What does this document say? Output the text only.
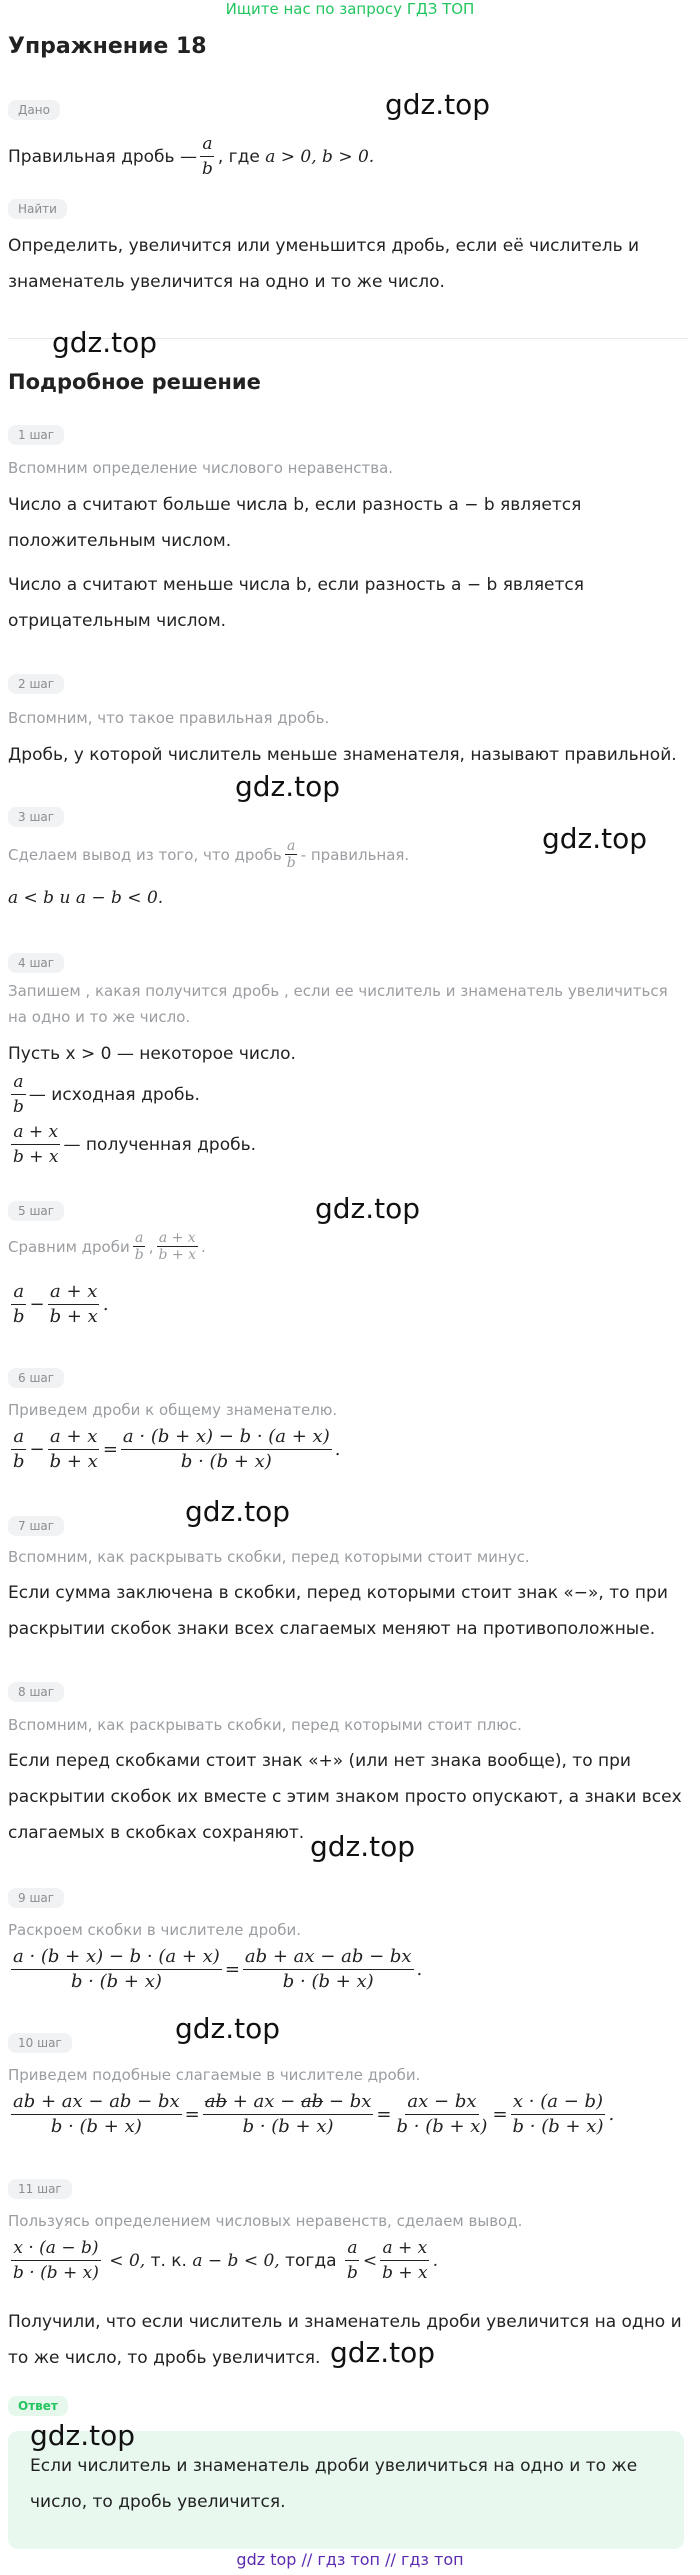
Ищите нас по запросу ГДЗ ТОП
Упражнение 18
Дано
Правильная дробь — $\frac{a}{b}$ , где
a > 0, b > 0.
Найти
Определить, увеличится или уменьшится дробь, если её числитель и знаменатель увеличится на одно и то же число.
Подробное решение
1 шаг
Вспомним определение числового неравенства.
Число a считают больше числа b, если разность a − b является положительным числом.
Число a считают меньше числа b, если разность a − b является отрицательным числом.
2 шаг
Вспомним, что такое правильная дробь.
Дробь, у которой числитель меньше знаменателя, называют правильной.
3 шаг
Сделаем вывод из того, что дробь $\frac{a}{b}$ - правильная.
a < b и a − b < 0.
4 шаг
Запишем , какая получится дробь , если ее числитель и знаменатель увеличиться на одно и то же число.
Пусть x > 0 — некоторое число.
$\frac{a}{b}$ — исходная дробь.
$\frac{a + x}{b + x}$ — полученная дробь.
5 шаг
Сравним дроби $\frac{a}{b}$ , $\frac{a + x}{b + x}$ .
$\frac{a}{b} - \frac{a + x}{b + x}$ .
6 шаг
Приведем дроби к общему знаменателю.
$\frac{a}{b} - \frac{a + x}{b + x} = \frac{a \cdot (b + x) - b \cdot (a + x)}{b \cdot (b + x)}$ .
7 шаг
Вспомним, как раскрывать скобки, перед которыми стоит минус.
Если сумма заключена в скобки, перед которыми стоит знак «−», то при раскрытии скобок знаки всех слагаемых меняют на противоположные.
8 шаг
Вспомним, как раскрывать скобки, перед которыми стоит плюс.
Если перед скобками стоит знак «+» (или нет знака вообще), то при раскрытии скобок их вместе с этим знаком просто опускают, а знаки всех слагаемых в скобках сохраняют.
9 шаг
Раскроем скобки в числителе дроби.
$\frac{a \cdot (b + x) - b \cdot (a + x)}{b \cdot (b + x)} = \frac{ab + ax - ab - bx}{b \cdot (b + x)}$ .
10 шаг
Приведем подобные слагаемые в числителе дроби.
$\frac{ab + ax - ab - bx}{b \cdot (b + x)} = \frac{ab + ax - ab - bx}{b \cdot (b + x)} = \frac{ax - bx}{b \cdot (b + x)} = \frac{x \cdot (a - b)}{b \cdot (b + x)}$ .
11 шаг
Пользуясь определением числовых неравенств, сделаем вывод.
$\frac{x \cdot (a - b)}{b \cdot (b + x)} < 0$, т. к. a − b < 0, тогда $\frac{a}{b} < \frac{a + x}{b + x}$ .
Получили, что если числитель и знаменатель дроби увеличится на одно и то же число, то дробь увеличится.
Ответ
Если числитель и знаменатель дроби увеличиться на одно и то же число, то дробь увеличится.
gdz.top
gdz.top
gdz.top
gdz.top
gdz.top
gdz.top
gdz.top
gdz.top
gdz.top
gdz.top
gdz top // гдз топ // гдз топ
